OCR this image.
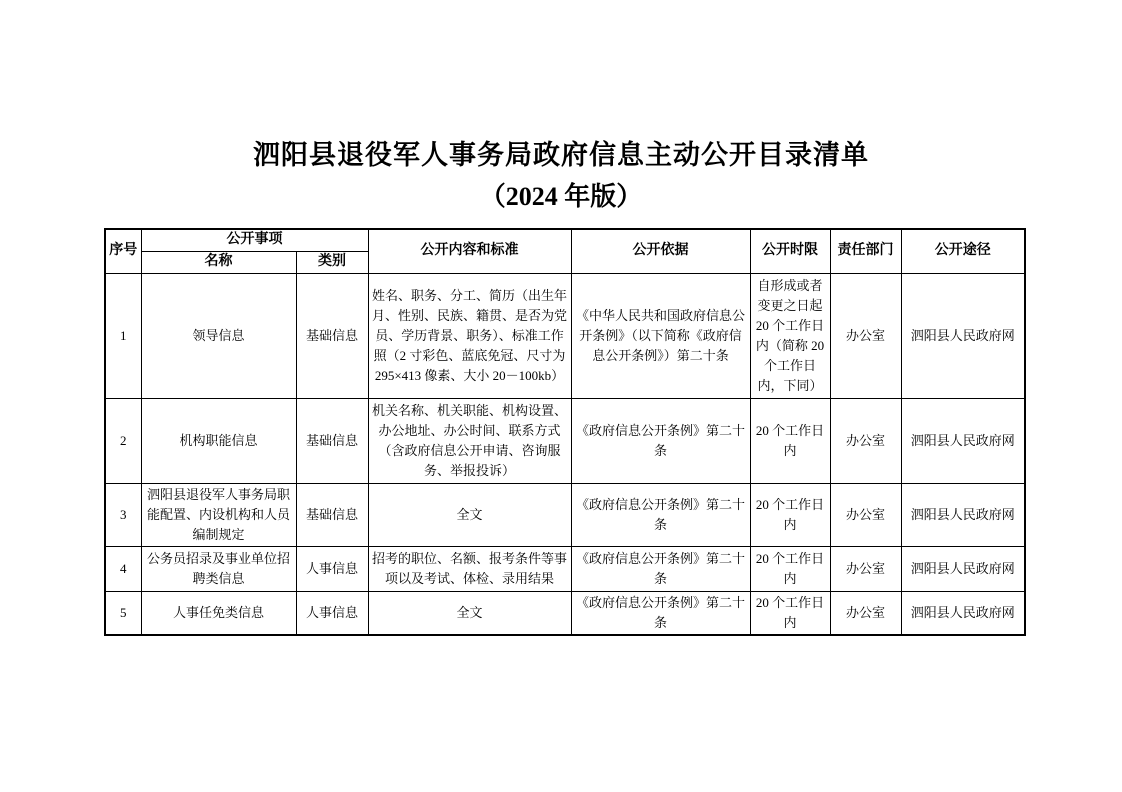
泗阳县退役军人事务局政府信息主动公开目录清单
（2024 年版）
序号	公开事项		公开内容和标准	公开依据	公开时限	责任部门	公开途径
	名称	类别					
1	领导信息	基础信息	姓名、职务、分工、简历（出生年月、性别、民族、籍贯、是否为党员、学历背景、职务）、标准工作照（2 寸彩色、蓝底免冠、尺寸为 295×413 像素、大小 20－100kb）	《中华人民共和国政府信息公开条例》（以下简称《政府信息公开条例》）第二十条	自形成或者变更之日起 20 个工作日内（简称 20 个工作日内，下同）	办公室	泗阳县人民政府网
2	机构职能信息	基础信息	机关名称、机关职能、机构设置、办公地址、办公时间、联系方式（含政府信息公开申请、咨询服务、举报投诉）	《政府信息公开条例》第二十条	20 个工作日内	办公室	泗阳县人民政府网
3	泗阳县退役军人事务局职能配置、内设机构和人员编制规定	基础信息	全文	《政府信息公开条例》第二十条	20 个工作日内	办公室	泗阳县人民政府网
4	公务员招录及事业单位招聘类信息	人事信息	招考的职位、名额、报考条件等事项以及考试、体检、录用结果	《政府信息公开条例》第二十条	20 个工作日内	办公室	泗阳县人民政府网
5	人事任免类信息	人事信息	全文	《政府信息公开条例》第二十条	20 个工作日内	办公室	泗阳县人民政府网
